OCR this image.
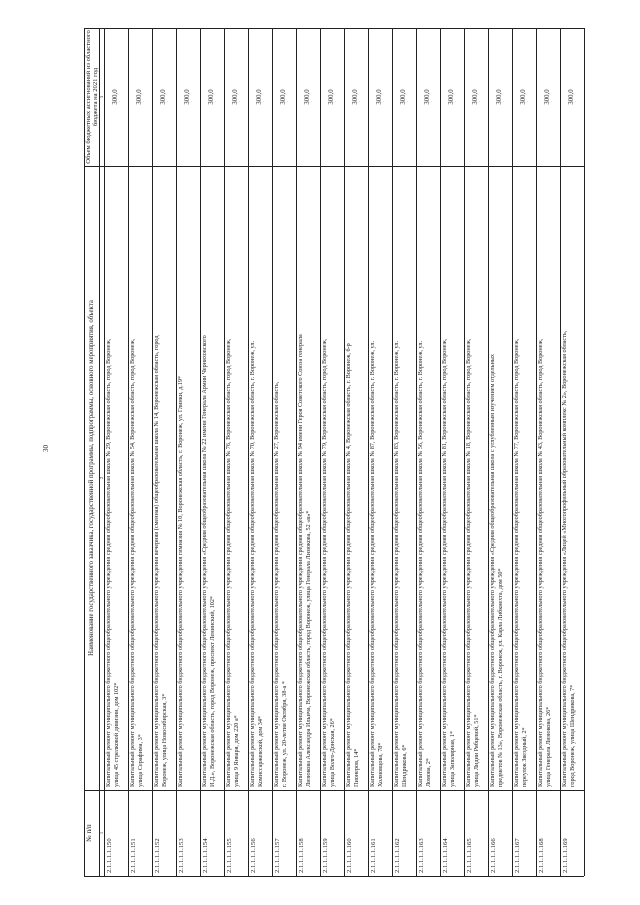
30
№ п/п
Наименование государственного заказчика, государственной программы, подпрограммы, основного мероприятия, объекта
Объем бюджетных ассигнований из областного бюджета на 2021 год
1
2
3
2.1.1.1.1.150
Капитальный ремонт муниципального бюджетного общеобразовательного учреждения средняя общеобразовательная школа № 29, Воронежская область, город Воронеж, улица 45 стрелковой дивизии, дом 102*
300,0
2.1.1.1.1.151
Капитальный ремонт муниципального бюджетного общеобразовательного учреждения средняя общеобразовательная школа № 54, Воронежская область, город Воронеж, улица Серафима, 3*
300,0
2.1.1.1.1.152
Капитальный ремонт муниципального бюджетного общеобразовательного учреждения вечерняя (сменная) общеобразовательная школа № 14, Воронежская область, город Воронеж, улица Новосибирская, 3*
300,0
2.1.1.1.1.153
Капитальный ремонт муниципального бюджетного общеобразовательного учреждения гимназия № 10, Воронежская область, г. Воронеж, ул. Глинки, д.19*
300,0
2.1.1.1.1.154
Капитальный ремонт муниципального бюджетного общеобразовательного учреждения «Средняя общеобразовательная школа № 22 имени Генерала Армии Черняховского И.Д.», Воронежская область, город Воронеж, проспект Ленинский, 102*
300,0
2.1.1.1.1.155
Капитальный ремонт муниципального бюджетного общеобразовательного учреждения средняя общеобразовательная школа № 76, Воронежская область, город Воронеж, улица 9 Января, дом 220 а*
300,0
2.1.1.1.1.156
Капитальный ремонт муниципального бюджетного общеобразовательного учреждения средняя общеобразовательная школа № 70, Воронежская область, г. Воронеж, ул. Комиссаржевской, дом 34*
300,0
2.1.1.1.1.157
Капитальный ремонт муниципального бюджетного общеобразовательного учреждения средняя общеобразовательная школа № 27, Воронежская область, г. Воронеж, ул. 20-летия Октября, 38-а *
300,0
2.1.1.1.1.158
Капитальный ремонт муниципального бюджетного общеобразовательного учреждения средняя общеобразовательная школа № 94 имени Героя Советского Союза генерала Лизюкова Александра Ильича, Воронежская область, город Воронеж, улица Генерала Лизюкова, 52 «в»*
300,0
2.1.1.1.1.159
Капитальный ремонт муниципального бюджетного общеобразовательного учреждения средняя общеобразовательная школа № 79, Воронежская область, город Воронеж, улица Волго-Донская, 26*
300,0
2.1.1.1.1.160
Капитальный ремонт муниципального бюджетного общеобразовательного учреждения средняя общеобразовательная школа № 4, Воронежская область, г. Воронеж, б-р Пионеров, 14*
300,0
2.1.1.1.1.161
Капитальный ремонт муниципального бюджетного общеобразовательного учреждения средняя общеобразовательная школа № 87, Воронежская область, г. Воронеж, ул. Холмовцова, 78*
300,0
2.1.1.1.1.162
Капитальный ремонт муниципального бюджетного общеобразовательного учреждения средняя общеобразовательная школа № 83, Воронежская область, г. Воронеж, ул. Шендрикова, 6*
300,0
2.1.1.1.1.163
Капитальный ремонт муниципального бюджетного общеобразовательного учреждения средняя общеобразовательная школа № 56, Воронежская область, г. Воронеж, ул. Ломова, 2*
300,0
2.1.1.1.1.164
Капитальный ремонт муниципального бюджетного общеобразовательного учреждения средняя общеобразовательная школа № 81, Воронежская область, город Воронеж, улица Заполярная, 1*
300,0
2.1.1.1.1.165
Капитальный ремонт муниципального бюджетного общеобразовательного учреждения средняя общеобразовательная школа № 18, Воронежская область, город Воронеж, улица Лидии Рябцевой, 51*
300,0
2.1.1.1.1.166
Капитальный ремонт муниципального бюджетного общеобразовательного учреждения «Средняя общеобразовательная школа с углубленным изучением отдельных предметов № 13», Воронежская область, г. Воронеж, ул. Карла Либкнехта, дом 50*
300,0
2.1.1.1.1.167
Капитальный ремонт муниципального бюджетного общеобразовательного учреждения средняя общеобразовательная школа № 77, Воронежская область, город Воронеж, переулок Звездный, 2*
300,0
2.1.1.1.1.168
Капитальный ремонт муниципального бюджетного общеобразовательного учреждения средняя общеобразовательная школа № 43, Воронежская область, город Воронеж, улица Генерала Лизюкова, 26*
300,0
2.1.1.1.1.169
Капитальный ремонт муниципального бюджетного общеобразовательного учреждения «Лицей «Многопрофильный образовательный комплекс № 2», Воронежская область, город Воронеж, улица Шендрикова, 7*
300,0
